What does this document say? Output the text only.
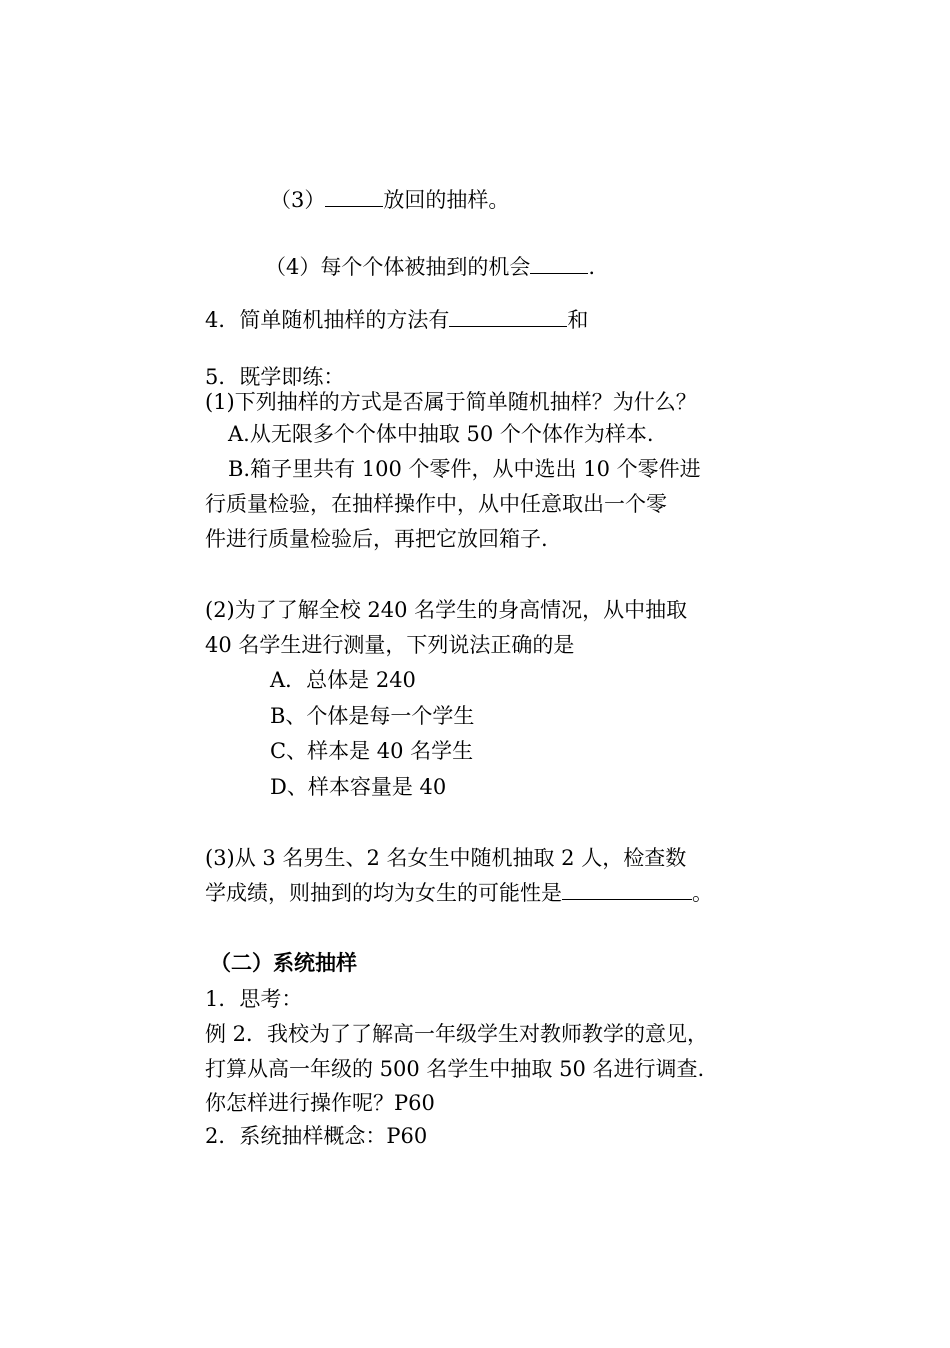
（3）	放回的抽样。
（4）每个个体被抽到的机会	.
4．简单随机抽样的方法有	和
5．既学即练：
(1)下列抽样的方式是否属于简单随机抽样？为什么？
A.从无限多个个体中抽取 50 个个体作为样本.
B.箱子里共有 100 个零件，从中选出 10 个零件进
行质量检验，在抽样操作中，从中任意取出一个零
件进行质量检验后，再把它放回箱子.
(2)为了了解全校 240 名学生的身高情况，从中抽取
40 名学生进行测量，下列说法正确的是
A．总体是 240
B、个体是每一个学生
C、样本是 40 名学生
D、样本容量是 40
(3)从 3 名男生、2 名女生中随机抽取 2 人，检查数
学成绩，则抽到的均为女生的可能性是	。
（二）系统抽样
1．思考：
例 2．我校为了了解高一年级学生对教师教学的意见，
打算从高一年级的 500 名学生中抽取 50 名进行调查.
你怎样进行操作呢？P60
2．系统抽样概念：P60
